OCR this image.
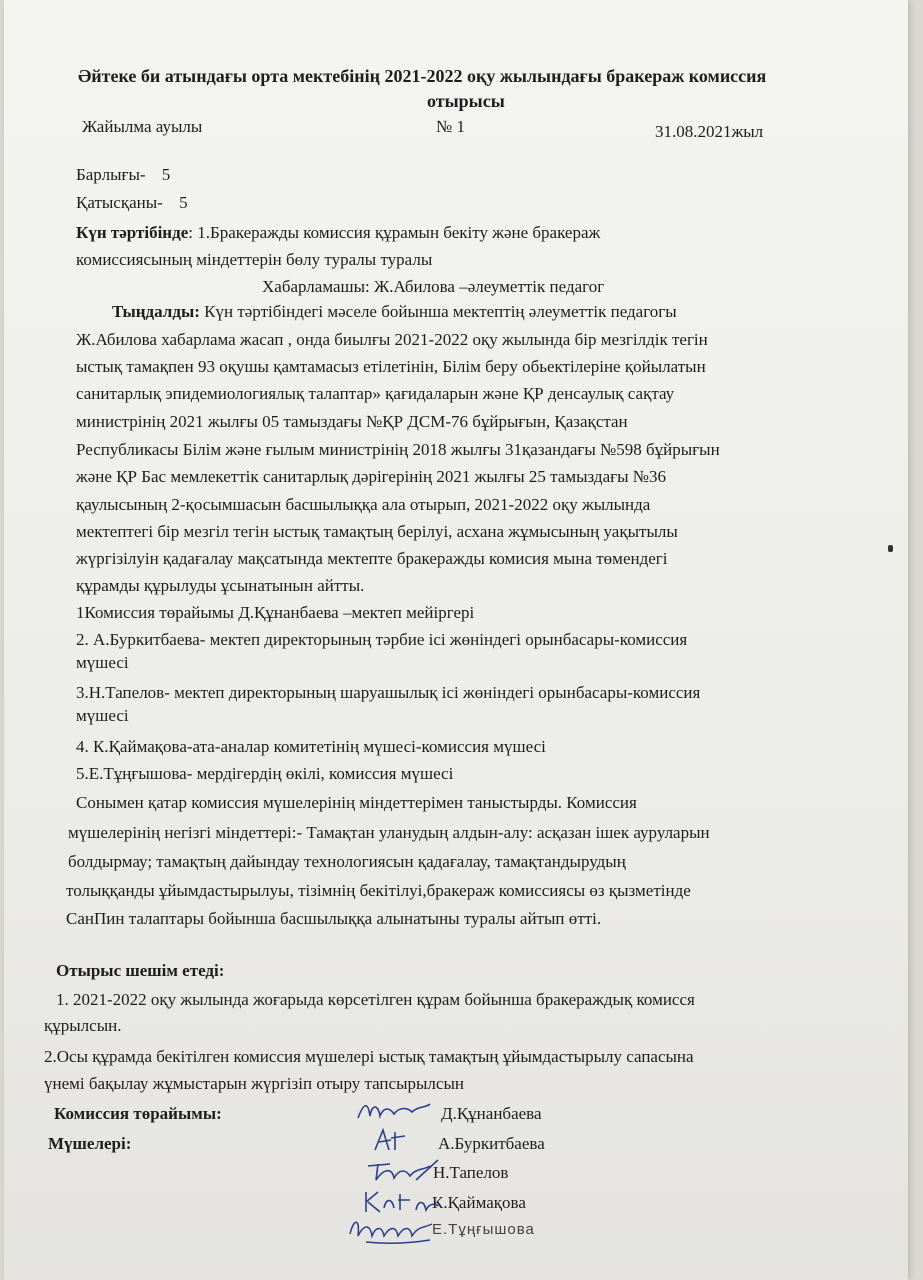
Әйтеке би атындағы орта мектебінің 2021-2022 оқу жылындағы бракераж комиссия
отырысы
Жайылма ауылы	№ 1	31.08.2021жыл
Барлығы- 5
Қатысқаны- 5
Күн тәртібінде: 1.Бракеражды комиссия құрамын бекіту және бракераж
комиссиясының міндеттерін бөлу туралы туралы
Хабарламашы: Ж.Абилова –әлеуметтік педагог
Тыңдалды: Күн тәртібіндегі мәселе бойынша мектептің әлеуметтік педагогы
Ж.Абилова хабарлама жасап , онда биылғы 2021-2022 оқу жылында бір мезгілдік тегін
ыстық тамақпен 93 оқушы қамтамасыз етілетінін, Білім беру обьектілеріне қойылатын
санитарлық эпидемиологиялық талаптар» қағидаларын және ҚР денсаулық сақтау
министрінің 2021 жылғы 05 тамыздағы №ҚР ДСМ-76 бұйрығын, Қазақстан
Республикасы Білім және ғылым министрінің 2018 жылғы 31қазандағы №598 бұйрығын
және ҚР Бас мемлекеттік санитарлық дәрігерінің 2021 жылғы 25 тамыздағы №36
қаулысының 2-қосымшасын басшылыққа ала отырып, 2021-2022 оқу жылында
мектептегі бір мезгіл тегін ыстық тамақтың берілуі, асхана жұмысының уақытылы
жүргізілуін қадағалау мақсатында мектепте бракеражды комисия мына төмендегі
құрамды құрылуды ұсынатынын айтты.
1Комиссия төрайымы Д.Құнанбаева –мектеп мейіргері
2. А.Буркитбаева- мектеп директорының тәрбие ісі жөніндегі орынбасары-комиссия
мүшесі
3.Н.Тапелов- мектеп директорының шаруашылық ісі жөніндегі орынбасары-комиссия
мүшесі
4. К.Қаймақова-ата-аналар комитетінің мүшесі-комиссия мүшесі
5.Е.Тұңғышова- мердігердің өкілі, комиссия мүшесі
Сонымен қатар комиссия мүшелерінің міндеттерімен таныстырды. Комиссия
мүшелерінің негізгі міндеттері:- Тамақтан уланудың алдын-алу: асқазан ішек ауруларын
болдырмау; тамақтың дайындау технологиясын қадағалау, тамақтандырудың
толыққанды ұйымдастырылуы, тізімнің бекітілуі,бракераж комиссиясы өз қызметінде
СанПин талаптары бойынша басшылыққа алынатыны туралы айтып өтті.
Отырыс шешім етеді:
1. 2021-2022 оқу жылында жоғарыда көрсетілген құрам бойынша бракераждық комисся
құрылсын.
2.Осы құрамда бекітілген комиссия мүшелері ыстық тамақтың ұйымдастырылу сапасына
үнемі бақылау жұмыстарын жүргізіп отыру тапсырылсын
Комиссия төрайымы:
Мүшелері:
Д.Құнанбаева
А.Буркитбаева
Н.Тапелов
К.Қаймақова
Е.Тұңғышова
